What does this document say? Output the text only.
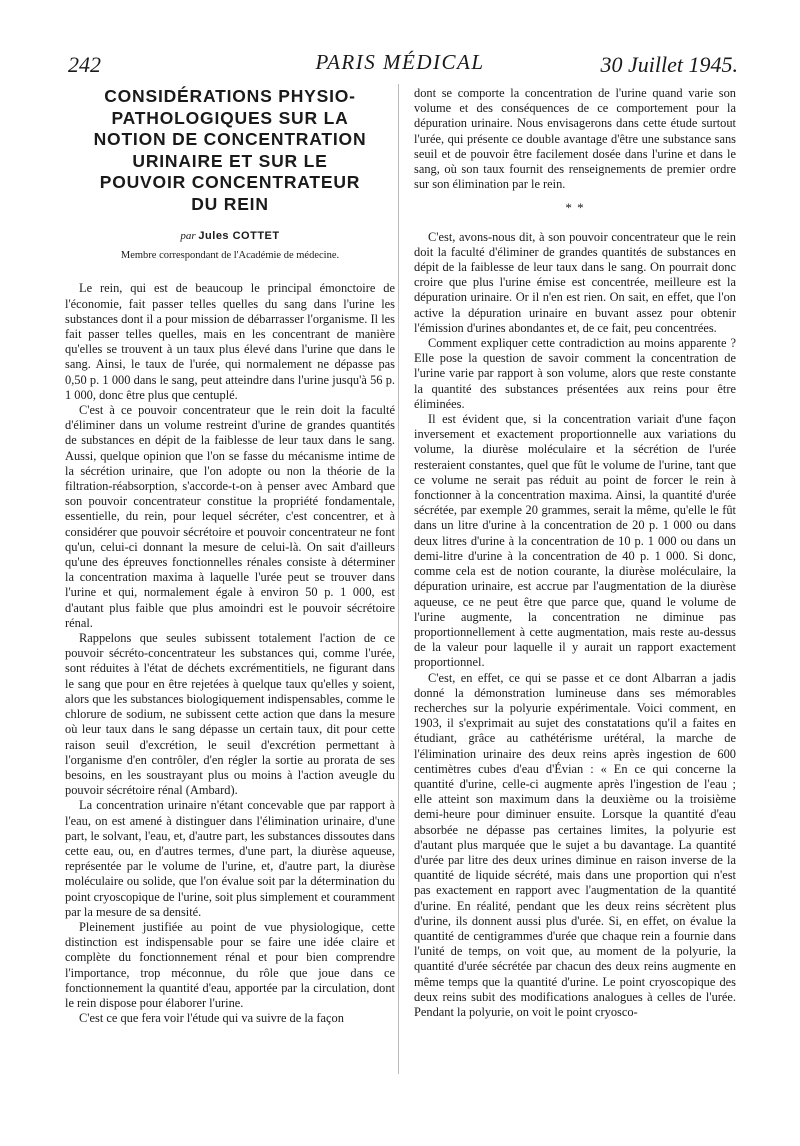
242	PARIS MÉDICAL	30 Juillet 1945.
CONSIDÉRATIONS PHYSIO-
PATHOLOGIQUES SUR LA
NOTION DE CONCENTRATION
URINAIRE ET SUR LE
POUVOIR CONCENTRATEUR
DU REIN
par Jules COTTET
Membre correspondant de l'Académie de médecine.

Le rein, qui est de beaucoup le principal émonctoire de l'économie, fait passer telles quelles du sang dans l'urine les substances dont il a pour mission de débarrasser l'organisme. Il les fait passer telles quelles, mais en les concentrant de manière qu'elles se trouvent à un taux plus élevé dans l'urine que dans le sang. Ainsi, le taux de l'urée, qui normalement ne dépasse pas 0,50 p. 1 000 dans le sang, peut atteindre dans l'urine jusqu'à 56 p. 1 000, donc être plus que centuplé.

C'est à ce pouvoir concentrateur que le rein doit la faculté d'éliminer dans un volume restreint d'urine de grandes quantités de substances en dépit de la faiblesse de leur taux dans le sang. Aussi, quelque opinion que l'on se fasse du mécanisme intime de la sécrétion urinaire, que l'on adopte ou non la théorie de la filtration-réabsorption, s'accorde-t-on à penser avec Ambard que son pouvoir concentrateur constitue la propriété fondamentale, essentielle, du rein, pour lequel sécréter, c'est concentrer, et à considérer que pouvoir sécrétoire et pouvoir concentrateur ne font qu'un, celui-ci donnant la mesure de celui-là. On sait d'ailleurs qu'une des épreuves fonctionnelles rénales consiste à déterminer la concentration maxima à laquelle l'urée peut se trouver dans l'urine et qui, normalement égale à environ 50 p. 1 000, est d'autant plus faible que plus amoindri est le pouvoir sécrétoire rénal.

Rappelons que seules subissent totalement l'action de ce pouvoir sécréto-concentrateur les substances qui, comme l'urée, sont réduites à l'état de déchets excrémentitiels, ne figurant dans le sang que pour en être rejetées à quelque taux qu'elles y soient, alors que les substances biologiquement indispensables, comme le chlorure de sodium, ne subissent cette action que dans la mesure où leur taux dans le sang dépasse un certain taux, dit pour cette raison seuil d'excrétion, le seuil d'excrétion permettant à l'organisme d'en contrôler, d'en régler la sortie au prorata de ses besoins, en les soustrayant plus ou moins à l'action aveugle du pouvoir sécrétoire rénal (Ambard).

La concentration urinaire n'étant concevable que par rapport à l'eau, on est amené à distinguer dans l'élimination urinaire, d'une part, le solvant, l'eau, et, d'autre part, les substances dissoutes dans cette eau, ou, en d'autres termes, d'une part, la diurèse aqueuse, représentée par le volume de l'urine, et, d'autre part, la diurèse moléculaire ou solide, que l'on évalue soit par la détermination du point cryoscopique de l'urine, soit plus simplement et couramment par la mesure de sa densité.

Pleinement justifiée au point de vue physiologique, cette distinction est indispensable pour se faire une idée claire et complète du fonctionnement rénal et pour bien comprendre l'importance, trop méconnue, du rôle que joue dans ce fonctionnement la quantité d'eau, apportée par la circulation, dont le rein dispose pour élaborer l'urine.

C'est ce que fera voir l'étude qui va suivre de la façon

dont se comporte la concentration de l'urine quand varie son volume et des conséquences de ce comportement pour la dépuration urinaire. Nous envisagerons dans cette étude surtout l'urée, qui présente ce double avantage d'être une substance sans seuil et de pouvoir être facilement dosée dans l'urine et dans le sang, où son taux fournit des renseignements de premier ordre sur son élimination par le rein.

* *

C'est, avons-nous dit, à son pouvoir concentrateur que le rein doit la faculté d'éliminer de grandes quantités de substances en dépit de la faiblesse de leur taux dans le sang. On pourrait donc croire que plus l'urine émise est concentrée, meilleure est la dépuration urinaire. Or il n'en est rien. On sait, en effet, que l'on active la dépuration urinaire en buvant assez pour obtenir l'émission d'urines abondantes et, de ce fait, peu concentrées.

Comment expliquer cette contradiction au moins apparente ? Elle pose la question de savoir comment la concentration de l'urine varie par rapport à son volume, alors que reste constante la quantité des substances présentées aux reins pour être éliminées.

Il est évident que, si la concentration variait d'une façon inversement et exactement proportionnelle aux variations du volume, la diurèse moléculaire et la sécrétion de l'urée resteraient constantes, quel que fût le volume de l'urine, tant que ce volume ne serait pas réduit au point de forcer le rein à fonctionner à la concentration maxima. Ainsi, la quantité d'urée sécrétée, par exemple 20 grammes, serait la même, qu'elle le fût dans un litre d'urine à la concentration de 20 p. 1 000 ou dans deux litres d'urine à la concentration de 10 p. 1 000 ou dans un demi-litre d'urine à la concentration de 40 p. 1 000. Si donc, comme cela est de notion courante, la diurèse moléculaire, la dépuration urinaire, est accrue par l'augmentation de la diurèse aqueuse, ce ne peut être que parce que, quand le volume de l'urine augmente, la concentration ne diminue pas proportionnellement à cette augmentation, mais reste au-dessus de la valeur pour laquelle il y aurait un rapport exactement proportionnel.

C'est, en effet, ce qui se passe et ce dont Albarran a jadis donné la démonstration lumineuse dans ses mémorables recherches sur la polyurie expérimentale. Voici comment, en 1903, il s'exprimait au sujet des constatations qu'il a faites en étudiant, grâce au cathétérisme urétéral, la marche de l'élimination urinaire des deux reins après ingestion de 600 centimètres cubes d'eau d'Évian : « En ce qui concerne la quantité d'urine, celle-ci augmente après l'ingestion de l'eau ; elle atteint son maximum dans la deuxième ou la troisième demi-heure pour diminuer ensuite. Lorsque la quantité d'eau absorbée ne dépasse pas certaines limites, la polyurie est d'autant plus marquée que le sujet a bu davantage. La quantité d'urée par litre des deux urines diminue en raison inverse de la quantité de liquide sécrété, mais dans une proportion qui n'est pas exactement en rapport avec l'augmentation de la quantité d'urine. En réalité, pendant que les deux reins sécrètent plus d'urine, ils donnent aussi plus d'urée. Si, en effet, on évalue la quantité de centigrammes d'urée que chaque rein a fournie dans l'unité de temps, on voit que, au moment de la polyurie, la quantité d'urée sécrétée par chacun des deux reins augmente en même temps que la quantité d'urine. Le point cryoscopique des deux reins subit des modifications analogues à celles de l'urée. Pendant la polyurie, on voit le point cryosco-
